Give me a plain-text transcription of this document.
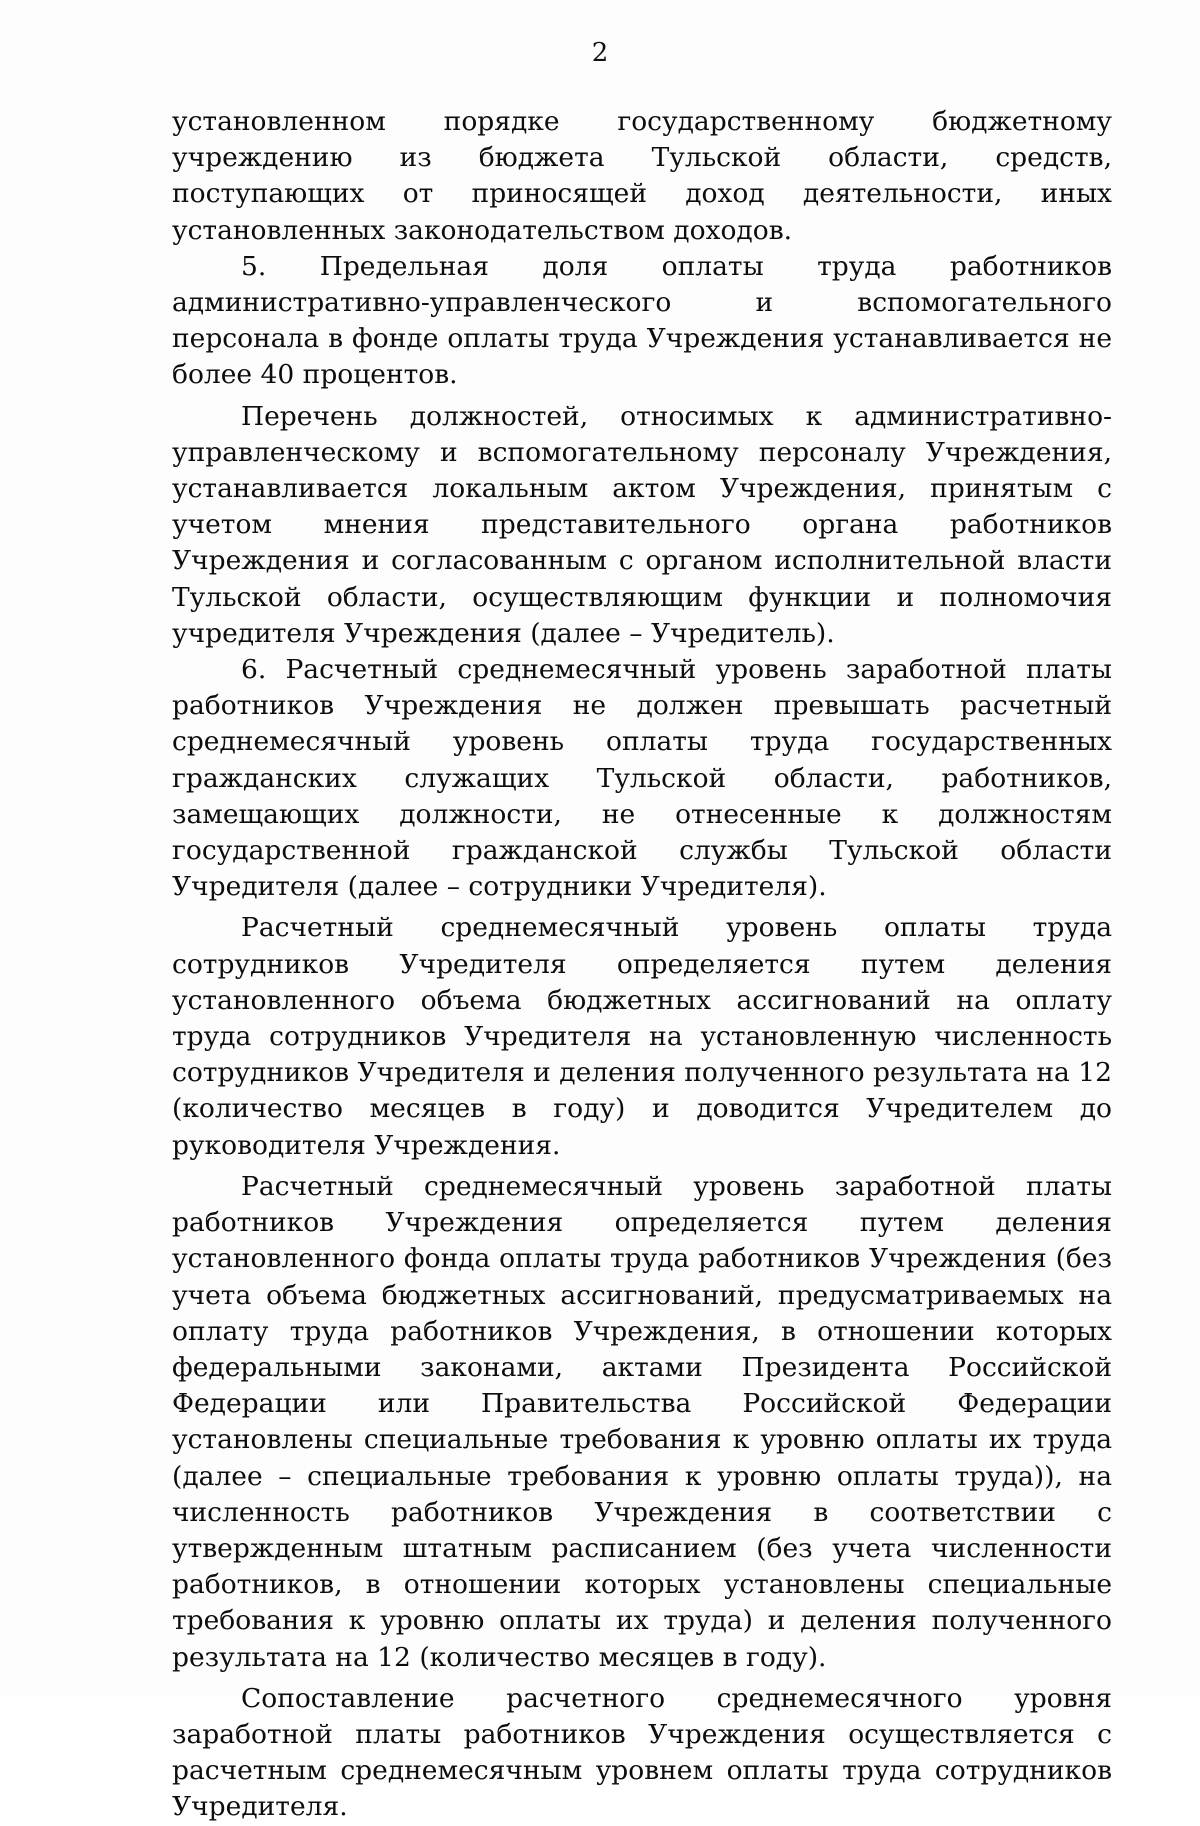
2

установленном порядке государственному бюджетному учреждению из бюджета Тульской области, средств, поступающих от приносящей доход деятельности, иных установленных законодательством доходов.

5. Предельная доля оплаты труда работников административно-управленческого и вспомогательного персонала в фонде оплаты труда Учреждения устанавливается не более 40 процентов.

Перечень должностей, относимых к административно-управленческому и вспомогательному персоналу Учреждения, устанавливается локальным актом Учреждения, принятым с учетом мнения представительного органа работников Учреждения и согласованным с органом исполнительной власти Тульской области, осуществляющим функции и полномочия учредителя Учреждения (далее – Учредитель).

6. Расчетный среднемесячный уровень заработной платы работников Учреждения не должен превышать расчетный среднемесячный уровень оплаты труда государственных гражданских служащих Тульской области, работников, замещающих должности, не отнесенные к должностям государственной гражданской службы Тульской области Учредителя (далее – сотрудники Учредителя).

Расчетный среднемесячный уровень оплаты труда сотрудников Учредителя определяется путем деления установленного объема бюджетных ассигнований на оплату труда сотрудников Учредителя на установленную численность сотрудников Учредителя и деления полученного результата на 12 (количество месяцев в году) и доводится Учредителем до руководителя Учреждения.

Расчетный среднемесячный уровень заработной платы работников Учреждения определяется путем деления установленного фонда оплаты труда работников Учреждения (без учета объема бюджетных ассигнований, предусматриваемых на оплату труда работников Учреждения, в отношении которых федеральными законами, актами Президента Российской Федерации или Правительства Российской Федерации установлены специальные требования к уровню оплаты их труда (далее – специальные требования к уровню оплаты труда)), на численность работников Учреждения в соответствии с утвержденным штатным расписанием (без учета численности работников, в отношении которых установлены специальные требования к уровню оплаты их труда) и деления полученного результата на 12 (количество месяцев в году).

Сопоставление расчетного среднемесячного уровня заработной платы работников Учреждения осуществляется с расчетным среднемесячным уровнем оплаты труда сотрудников Учредителя.
